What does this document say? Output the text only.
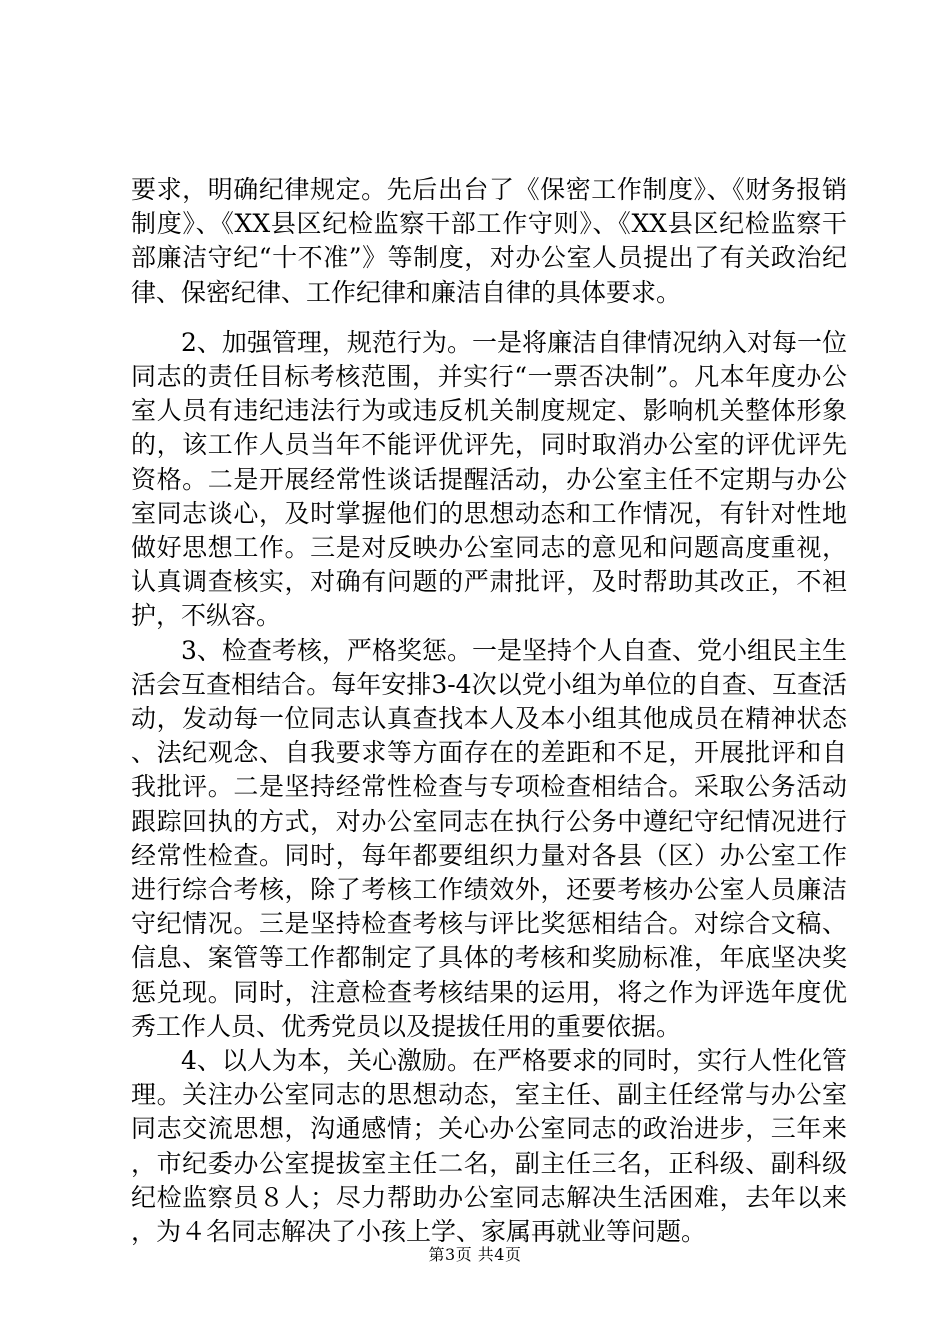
要求，明确纪律规定。先后出台了《保密工作制度》、《财务报销制度》、《XX县区纪检监察干部工作守则》、《XX县区纪检监察干部廉洁守纪“十不准”》等制度，对办公室人员提出了有关政治纪律、保密纪律、工作纪律和廉洁自律的具体要求。

2、加强管理，规范行为。一是将廉洁自律情况纳入对每一位同志的责任目标考核范围，并实行“一票否决制”。凡本年度办公室人员有违纪违法行为或违反机关制度规定、影响机关整体形象的，该工作人员当年不能评优评先，同时取消办公室的评优评先资格。二是开展经常性谈话提醒活动，办公室主任不定期与办公室同志谈心，及时掌握他们的思想动态和工作情况，有针对性地做好思想工作。三是对反映办公室同志的意见和问题高度重视，认真调查核实，对确有问题的严肃批评，及时帮助其改正，不袒护，不纵容。

3、检查考核，严格奖惩。一是坚持个人自查、党小组民主生活会互查相结合。每年安排3-4次以党小组为单位的自查、互查活动，发动每一位同志认真查找本人及本小组其他成员在精神状态、法纪观念、自我要求等方面存在的差距和不足，开展批评和自我批评。二是坚持经常性检查与专项检查相结合。采取公务活动跟踪回执的方式，对办公室同志在执行公务中遵纪守纪情况进行经常性检查。同时，每年都要组织力量对各县（区）办公室工作进行综合考核，除了考核工作绩效外，还要考核办公室人员廉洁守纪情况。三是坚持检查考核与评比奖惩相结合。对综合文稿、信息、案管等工作都制定了具体的考核和奖励标准，年底坚决奖惩兑现。同时，注意检查考核结果的运用，将之作为评选年度优秀工作人员、优秀党员以及提拔任用的重要依据。

4、以人为本，关心激励。在严格要求的同时，实行人性化管理。关注办公室同志的思想动态，室主任、副主任经常与办公室同志交流思想，沟通感情；关心办公室同志的政治进步，三年来，市纪委办公室提拔室主任二名，副主任三名，正科级、副科级纪检监察员８人；尽力帮助办公室同志解决生活困难，去年以来，为４名同志解决了小孩上学、家属再就业等问题。

第3页 共4页
